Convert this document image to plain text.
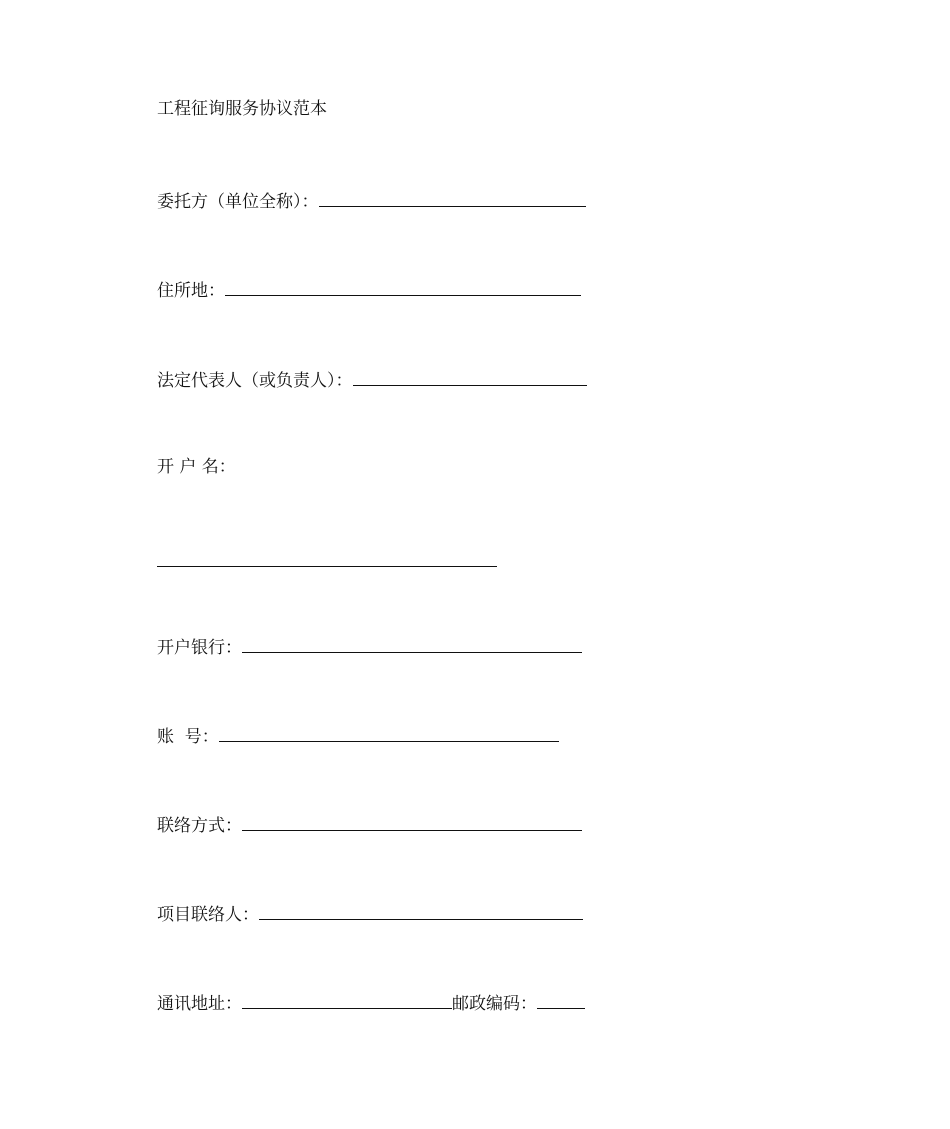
工程征询服务协议范本
委托方（单位全称）：
住所地：
法定代表人（或负责人）：
开 户 名：
开户银行：
账  号：
联络方式：
项目联络人：
通讯地址：	邮政编码：
